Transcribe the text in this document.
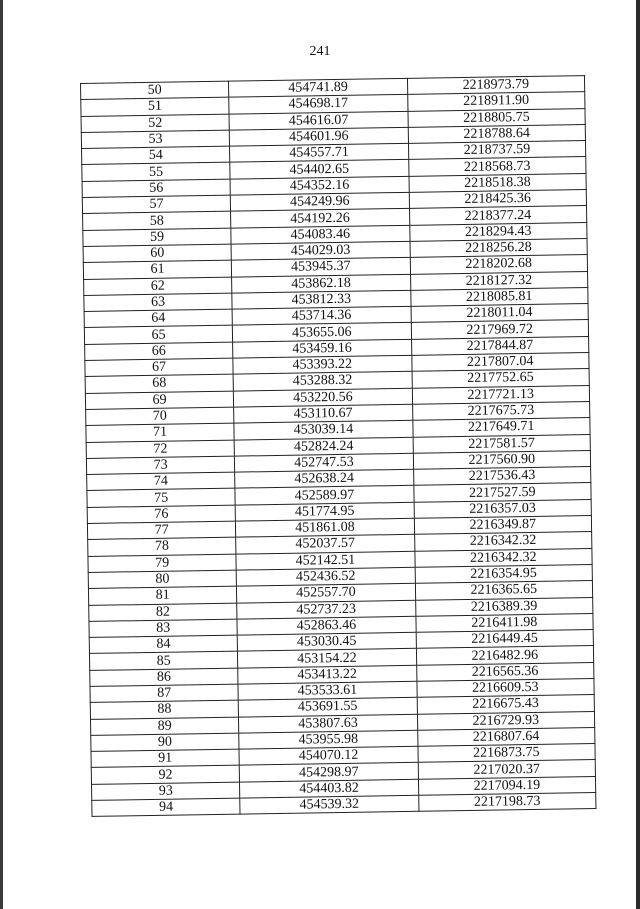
241
50	454741.89	2218973.79
51	454698.17	2218911.90
52	454616.07	2218805.75
53	454601.96	2218788.64
54	454557.71	2218737.59
55	454402.65	2218568.73
56	454352.16	2218518.38
57	454249.96	2218425.36
58	454192.26	2218377.24
59	454083.46	2218294.43
60	454029.03	2218256.28
61	453945.37	2218202.68
62	453862.18	2218127.32
63	453812.33	2218085.81
64	453714.36	2218011.04
65	453655.06	2217969.72
66	453459.16	2217844.87
67	453393.22	2217807.04
68	453288.32	2217752.65
69	453220.56	2217721.13
70	453110.67	2217675.73
71	453039.14	2217649.71
72	452824.24	2217581.57
73	452747.53	2217560.90
74	452638.24	2217536.43
75	452589.97	2217527.59
76	451774.95	2216357.03
77	451861.08	2216349.87
78	452037.57	2216342.32
79	452142.51	2216342.32
80	452436.52	2216354.95
81	452557.70	2216365.65
82	452737.23	2216389.39
83	452863.46	2216411.98
84	453030.45	2216449.45
85	453154.22	2216482.96
86	453413.22	2216565.36
87	453533.61	2216609.53
88	453691.55	2216675.43
89	453807.63	2216729.93
90	453955.98	2216807.64
91	454070.12	2216873.75
92	454298.97	2217020.37
93	454403.82	2217094.19
94	454539.32	2217198.73
